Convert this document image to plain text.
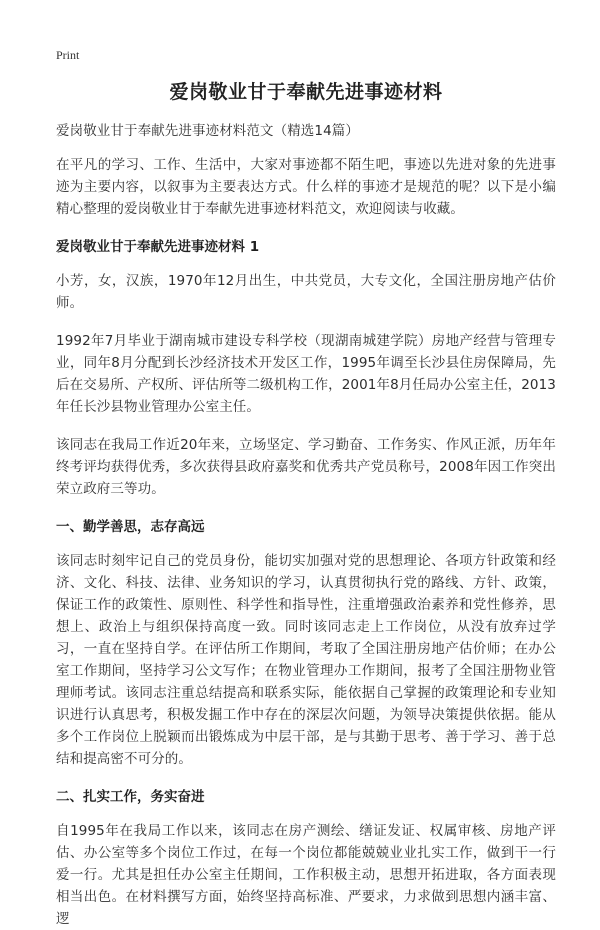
Print
爱岗敬业甘于奉献先进事迹材料

爱岗敬业甘于奉献先进事迹材料范文（精选14篇）

在平凡的学习、工作、生活中，大家对事迹都不陌生吧，事迹以先进对象的先进事迹为主要内容，以叙事为主要表达方式。什么样的事迹才是规范的呢？以下是小编精心整理的爱岗敬业甘于奉献先进事迹材料范文，欢迎阅读与收藏。

爱岗敬业甘于奉献先进事迹材料 1

小芳，女，汉族，1970年12月出生，中共党员，大专文化，全国注册房地产估价师。

1992年7月毕业于湖南城市建设专科学校（现湖南城建学院）房地产经营与管理专业，同年8月分配到长沙经济技术开发区工作，1995年调至长沙县住房保障局，先后在交易所、产权所、评估所等二级机构工作，2001年8月任局办公室主任，2013年任长沙县物业管理办公室主任。

该同志在我局工作近20年来，立场坚定、学习勤奋、工作务实、作风正派，历年年终考评均获得优秀，多次获得县政府嘉奖和优秀共产党员称号，2008年因工作突出荣立政府三等功。

一、勤学善思，志存高远

该同志时刻牢记自己的党员身份，能切实加强对党的思想理论、各项方针政策和经济、文化、科技、法律、业务知识的学习，认真贯彻执行党的路线、方针、政策，保证工作的政策性、原则性、科学性和指导性，注重增强政治素养和党性修养，思想上、政治上与组织保持高度一致。同时该同志走上工作岗位，从没有放弃过学习，一直在坚持自学。在评估所工作期间，考取了全国注册房地产估价师；在办公室工作期间，坚持学习公文写作；在物业管理办工作期间，报考了全国注册物业管理师考试。该同志注重总结提高和联系实际，能依据自己掌握的政策理论和专业知识进行认真思考，积极发掘工作中存在的深层次问题，为领导决策提供依据。能从多个工作岗位上脱颖而出锻炼成为中层干部，是与其勤于思考、善于学习、善于总结和提高密不可分的。

二、扎实工作，务实奋进

自1995年在我局工作以来，该同志在房产测绘、缮证发证、权属审核、房地产评估、办公室等多个岗位工作过，在每一个岗位都能兢兢业业扎实工作，做到干一行爱一行。尤其是担任办公室主任期间，工作积极主动，思想开拓进取，各方面表现相当出色。在材料撰写方面，始终坚持高标准、严要求，力求做到思想内涵丰富、逻
